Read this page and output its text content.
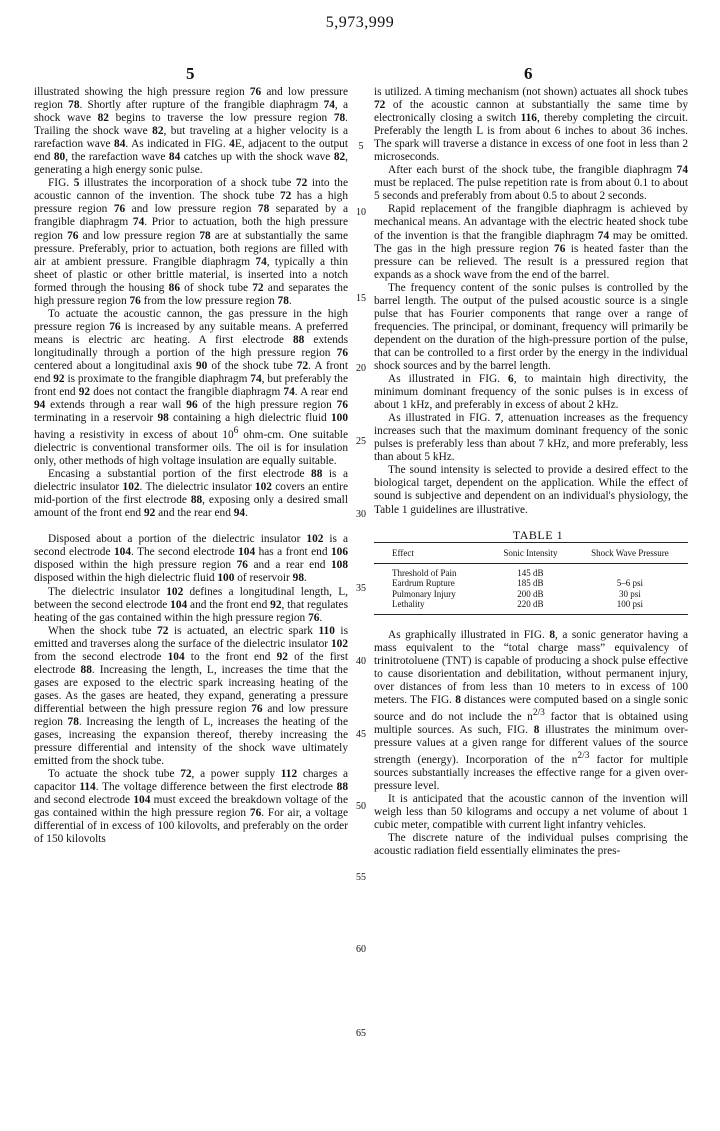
5,973,999
5	6

illustrated showing the high pressure region 76 and low pressure region 78. Shortly after rupture of the frangible diaphragm 74, a shock wave 82 begins to traverse the low pressure region 78. Trailing the shock wave 82, but traveling at a higher velocity is a rarefaction wave 84. As indicated in FIG. 4E, adjacent to the output end 80, the rarefaction wave 84 catches up with the shock wave 82, generating a high energy sonic pulse.

FIG. 5 illustrates the incorporation of a shock tube 72 into the acoustic cannon of the invention. The shock tube 72 has a high pressure region 76 and low pressure region 78 separated by a frangible diaphragm 74. Prior to actuation, both the high pressure region 76 and low pressure region 78 are at substantially the same pressure. Preferably, prior to actuation, both regions are filled with air at ambient pressure. Frangible diaphragm 74, typically a thin sheet of plastic or other brittle material, is inserted into a notch formed through the housing 86 of shock tube 72 and separates the high pressure region 76 from the low pressure region 78.

To actuate the acoustic cannon, the gas pressure in the high pressure region 76 is increased by any suitable means. A preferred means is electric arc heating. A first electrode 88 extends longitudinally through a portion of the high pressure region 76 centered about a longitudinal axis 90 of the shock tube 72. A front end 92 is proximate to the frangible diaphragm 74, but preferably the front end 92 does not contact the frangible diaphragm 74. A rear end 94 extends through a rear wall 96 of the high pressure region 76 terminating in a reservoir 98 containing a high dielectric fluid 100 having a resistivity in excess of about $10^6$ ohm-cm. One suitable dielectric is conventional transformer oils. The oil is for insulation only, other methods of high voltage insulation are equally suitable.

Encasing a substantial portion of the first electrode 88 is a dielectric insulator 102. The dielectric insulator 102 covers an entire mid-portion of the first electrode 88, exposing only a desired small amount of the front end 92 and the rear end 94.

Disposed about a portion of the dielectric insulator 102 is a second electrode 104. The second electrode 104 has a front end 106 disposed within the high pressure region 76 and a rear end 108 disposed within the high dielectric fluid 100 of reservoir 98.

The dielectric insulator 102 defines a longitudinal length, L, between the second electrode 104 and the front end 92, that regulates heating of the gas contained within the high pressure region 76.

When the shock tube 72 is actuated, an electric spark 110 is emitted and traverses along the surface of the dielectric insulator 102 from the second electrode 104 to the front end 92 of the first electrode 88. Increasing the length, L, increases the time that the gases are exposed to the electric spark increasing heating of the gases. As the gases are heated, they expand, generating a pressure differential between the high pressure region 76 and low pressure region 78. Increasing the length of L, increases the heating of the gases, increasing the expansion thereof, thereby increasing the pressure differential and intensity of the shock wave ultimately emitted from the shock tube.

To actuate the shock tube 72, a power supply 112 charges a capacitor 114. The voltage difference between the first electrode 88 and second electrode 104 must exceed the breakdown voltage of the gas contained within the high pressure region 76. For air, a voltage differential of in excess of 100 kilovolts, and preferably on the order of 150 kilovolts

is utilized. A timing mechanism (not shown) actuates all shock tubes 72 of the acoustic cannon at substantially the same time by electronically closing a switch 116, thereby completing the circuit. Preferably the length L is from about 6 inches to about 36 inches. The spark will traverse a distance in excess of one foot in less than 2 microseconds.

After each burst of the shock tube, the frangible diaphragm 74 must be replaced. The pulse repetition rate is from about 0.1 to about 5 seconds and preferably from about 0.5 to about 2 seconds.

Rapid replacement of the frangible diaphragm is achieved by mechanical means. An advantage with the electric heated shock tube of the invention is that the frangible diaphragm 74 may be omitted. The gas in the high pressure region 76 is heated faster than the pressure can be relieved. The result is a pressured region that expands as a shock wave from the end of the barrel.

The frequency content of the sonic pulses is controlled by the barrel length. The output of the pulsed acoustic source is a single pulse that has Fourier components that range over a range of frequencies. The principal, or dominant, frequency will primarily be dependent on the duration of the high-pressure portion of the pulse, that can be controlled to a first order by the energy in the individual shock sources and by the barrel length.

As illustrated in FIG. 6, to maintain high directivity, the minimum dominant frequency of the sonic pulses is in excess of about 1 kHz, and preferably in excess of about 2 kHz.

As illustrated in FIG. 7, attenuation increases as the frequency increases such that the maximum dominant frequency of the sonic pulses is preferably less than about 7 kHz, and more preferably, less than about 5 kHz.

The sound intensity is selected to provide a desired effect to the biological target, dependent on the application. While the effect of sound is subjective and dependent on an individual's physiology, the Table 1 guidelines are illustrative.

TABLE 1

Effect	Sonic Intensity	Shock Wave Pressure
Threshold of Pain	145 dB	
Eardrum Rupture	185 dB	5–6 psi
Pulmonary Injury	200 dB	30 psi
Lethality	220 dB	100 psi

As graphically illustrated in FIG. 8, a sonic generator having a mass equivalent to the “total charge mass” equivalency of trinitrotoluene (TNT) is capable of producing a shock pulse effective to cause disorientation and debilitation, without permanent injury, over distances of from less than 10 meters to in excess of 100 meters. The FIG. 8 distances were computed based on a single sonic source and do not include the $n^{2/3}$ factor that is obtained using multiple sources. As such, FIG. 8 illustrates the minimum over-pressure values at a given range for different values of the source strength (energy). Incorporation of the $n^{2/3}$ factor for multiple sources substantially increases the effective range for a given over-pressure level.

It is anticipated that the acoustic cannon of the invention will weigh less than 50 kilograms and occupy a net volume of about 1 cubic meter, compatible with current light infantry vehicles.

The discrete nature of the individual pulses comprising the acoustic radiation field essentially eliminates the pres-

5
10
15
20
25
30
35
40
45
50
55
60
65
